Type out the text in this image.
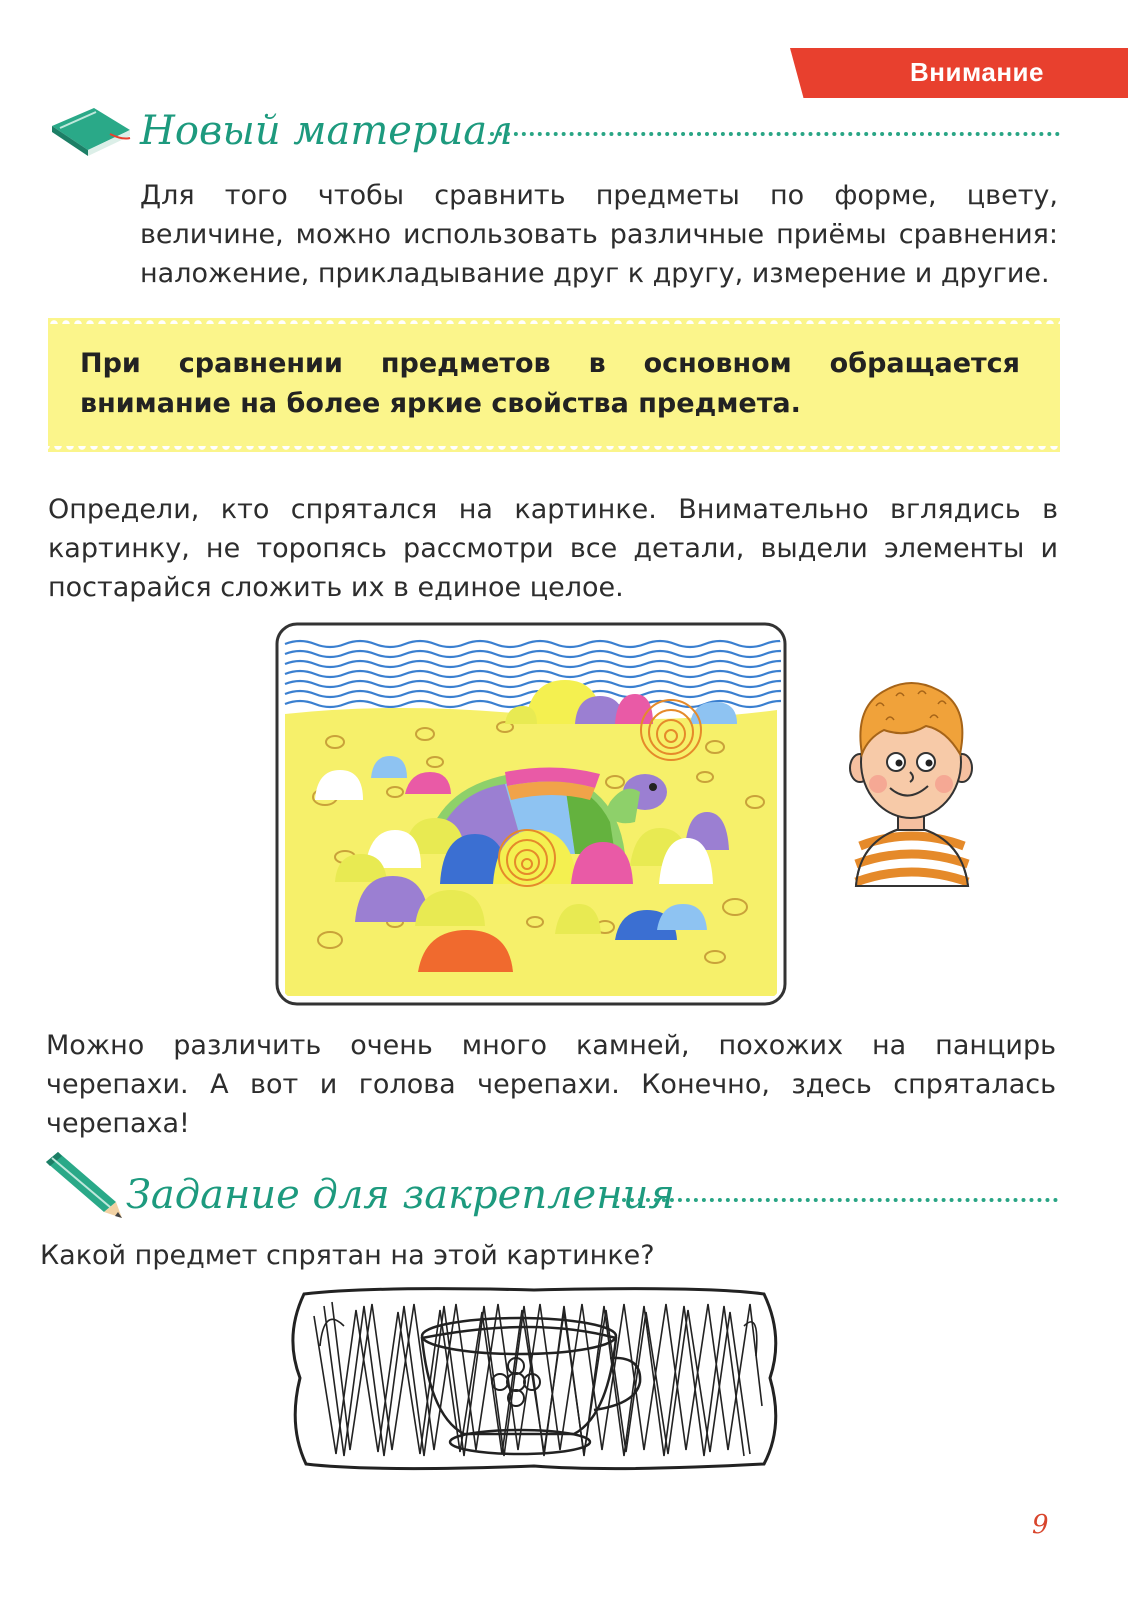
Внимание
Новый материал
Для того чтобы сравнить предметы по форме, цвету, величине, можно использовать различные приёмы сравнения: наложение, прикладывание друг к другу, измерение и другие.
При сравнении предметов в основном обращается внимание на более яркие свойства предмета.
Определи, кто спрятался на картинке. Внимательно вглядись в картинку, не торопясь рассмотри все детали, выдели элементы и постарайся сложить их в единое целое.
Можно различить очень много камней, похожих на панцирь черепахи. А вот и голова черепахи. Конечно, здесь спряталась черепаха!
Задание для закрепления
Какой предмет спрятан на этой картинке?
9
